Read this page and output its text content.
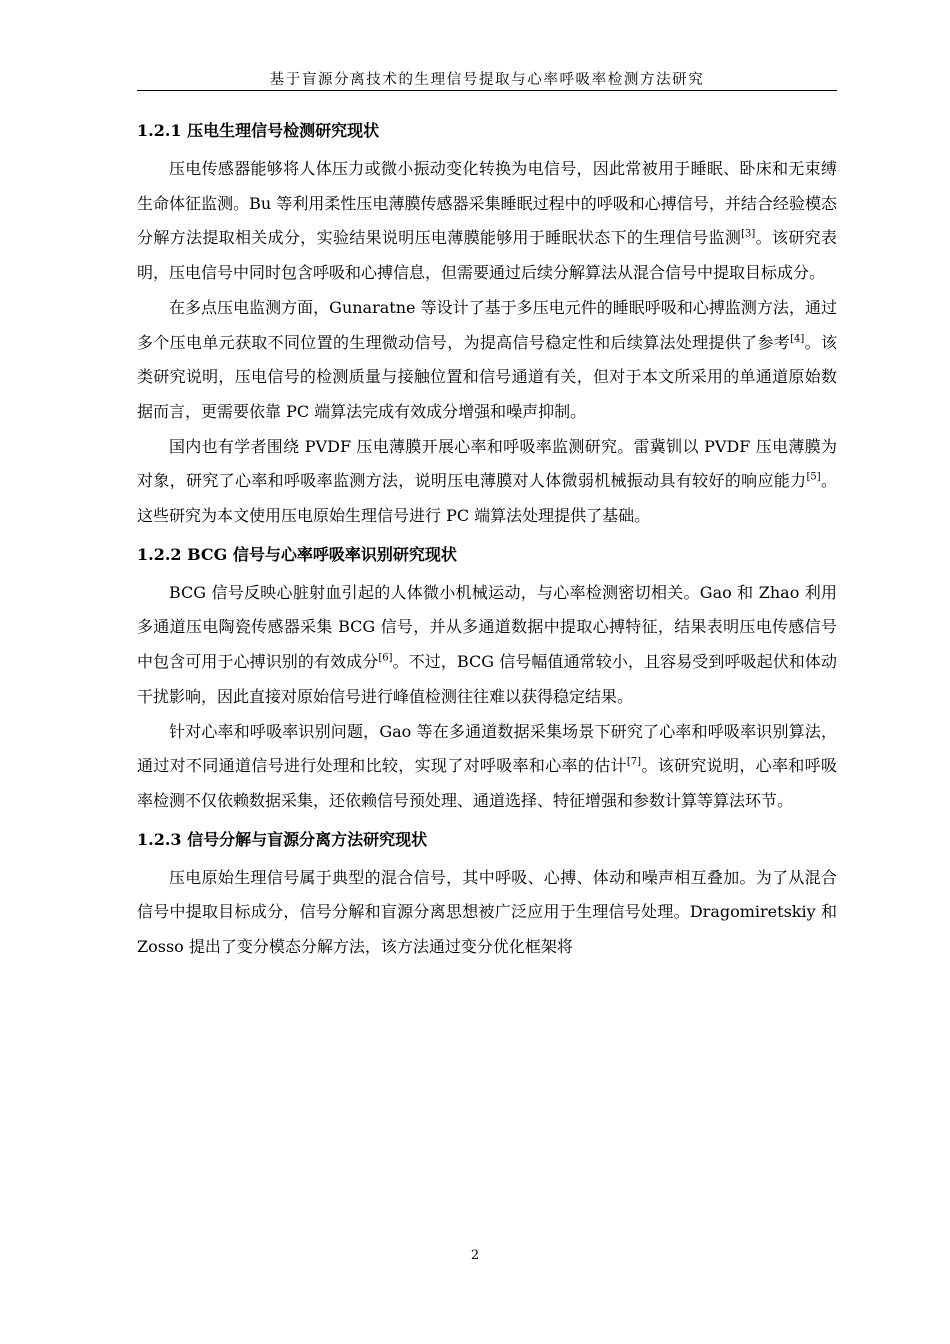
基于盲源分离技术的生理信号提取与心率呼吸率检测方法研究
1.2.1 压电生理信号检测研究现状

压电传感器能够将人体压力或微小振动变化转换为电信号，因此常被用于睡眠、卧床和无束缚生命体征监测。Bu 等利用柔性压电薄膜传感器采集睡眠过程中的呼吸和心搏信号，并结合经验模态分解方法提取相关成分，实验结果说明压电薄膜能够用于睡眠状态下的生理信号监测[3]。该研究表明，压电信号中同时包含呼吸和心搏信息，但需要通过后续分解算法从混合信号中提取目标成分。

在多点压电监测方面，Gunaratne 等设计了基于多压电元件的睡眠呼吸和心搏监测方法，通过多个压电单元获取不同位置的生理微动信号，为提高信号稳定性和后续算法处理提供了参考[4]。该类研究说明，压电信号的检测质量与接触位置和信号通道有关，但对于本文所采用的单通道原始数据而言，更需要依靠 PC 端算法完成有效成分增强和噪声抑制。

国内也有学者围绕 PVDF 压电薄膜开展心率和呼吸率监测研究。雷冀钏以 PVDF 压电薄膜为对象，研究了心率和呼吸率监测方法，说明压电薄膜对人体微弱机械振动具有较好的响应能力[5]。这些研究为本文使用压电原始生理信号进行 PC 端算法处理提供了基础。

1.2.2 BCG 信号与心率呼吸率识别研究现状

BCG 信号反映心脏射血引起的人体微小机械运动，与心率检测密切相关。Gao 和 Zhao 利用多通道压电陶瓷传感器采集 BCG 信号，并从多通道数据中提取心搏特征，结果表明压电传感信号中包含可用于心搏识别的有效成分[6]。不过，BCG 信号幅值通常较小，且容易受到呼吸起伏和体动干扰影响，因此直接对原始信号进行峰值检测往往难以获得稳定结果。

针对心率和呼吸率识别问题，Gao 等在多通道数据采集场景下研究了心率和呼吸率识别算法，通过对不同通道信号进行处理和比较，实现了对呼吸率和心率的估计[7]。该研究说明，心率和呼吸率检测不仅依赖数据采集，还依赖信号预处理、通道选择、特征增强和参数计算等算法环节。

1.2.3 信号分解与盲源分离方法研究现状

压电原始生理信号属于典型的混合信号，其中呼吸、心搏、体动和噪声相互叠加。为了从混合信号中提取目标成分，信号分解和盲源分离思想被广泛应用于生理信号处理。Dragomiretskiy 和 Zosso 提出了变分模态分解方法，该方法通过变分优化框架将

2
